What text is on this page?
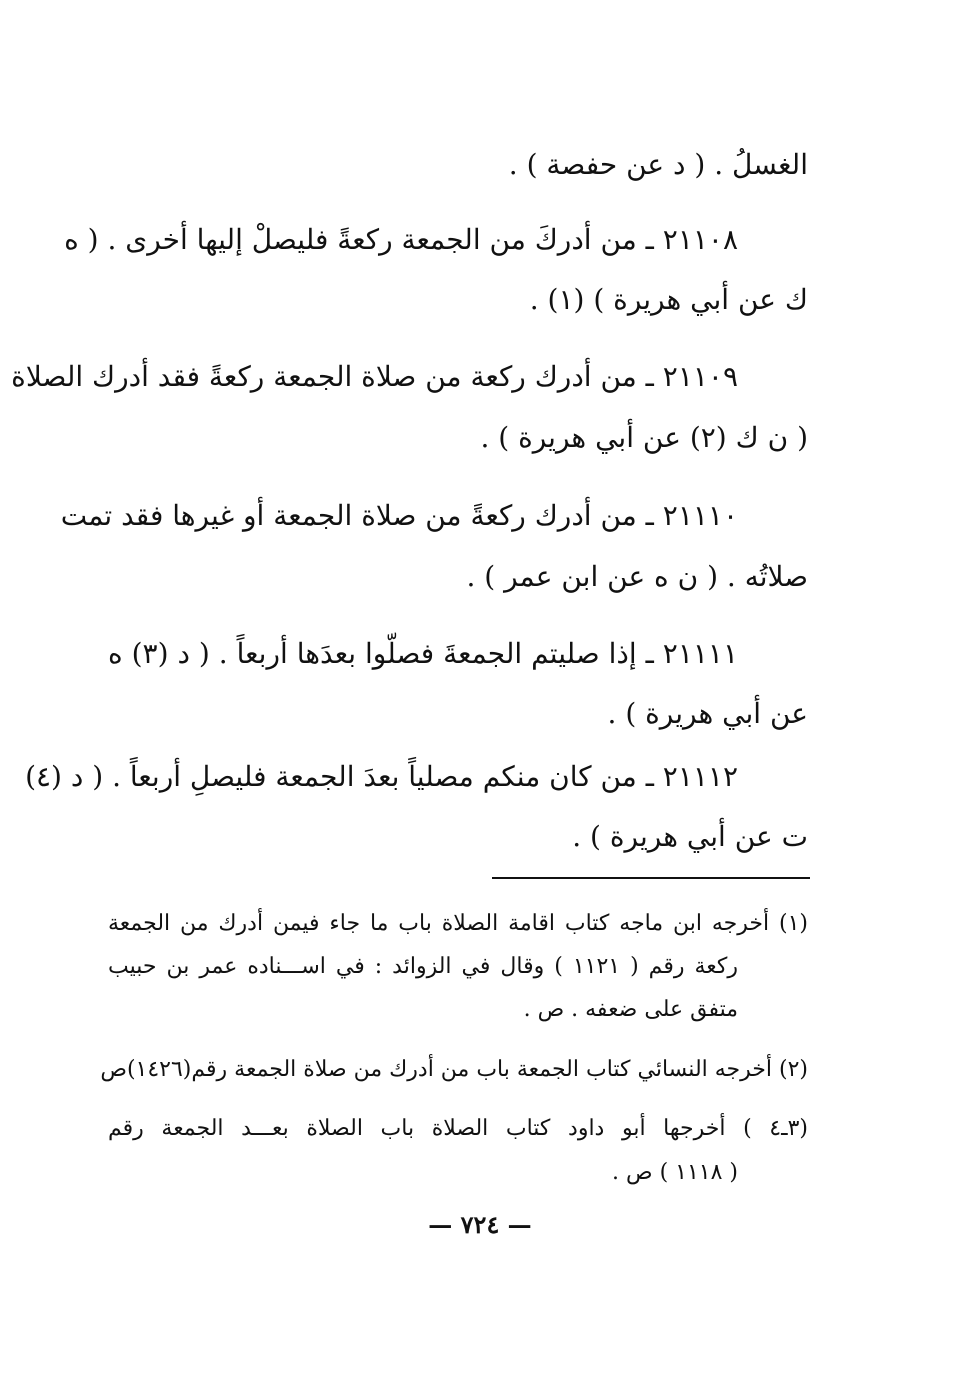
الغسلُ . ( د عن حفصة ) .
٢١١٠٨ ـ من أدركَ من الجمعة ركعةً فليصلْ إليها أخرى . ( ه
ك عن أبي هريرة ) (١) .
٢١١٠٩ ـ من أدرك ركعة من صلاة الجمعة ركعةً فقد أدرك الصلاة
( ن ك (٢) عن أبي هريرة ) .
٢١١١٠ ـ من أدرك ركعةً من صلاة الجمعة أو غيرها فقد تمت
صلاتُه . ( ن ه عن ابن عمر ) .
٢١١١١ ـ إذا صليتم الجمعةَ فصلّوا بعدَها أربعاً . ( د (٣) ه
عن أبي هريرة ) .
٢١١١٢ ـ من كان منكم مصلياً بعدَ الجمعة فليصلِ أربعاً . ( د (٤)
ت عن أبي هريرة ) .
(١) أخرجه ابن ماجه كتاب اقامة الصلاة باب ما جاء فيمن أدرك من الجمعة
ركعة رقم ( ١١٢١ ) وقال في الزوائد : في اســـناده عمر بن حبيب
متفق على ضعفه . ص .
(٢) أخرجه النسائي كتاب الجمعة باب من أدرك من صلاة الجمعة رقم(١٤٢٦)ص
(٣ـ٤ ) أخرجها أبو داود كتاب الصلاة باب الصلاة بعـــد الجمعة رقم
( ١١١٨ ) ص .
— ٧٢٤ —
